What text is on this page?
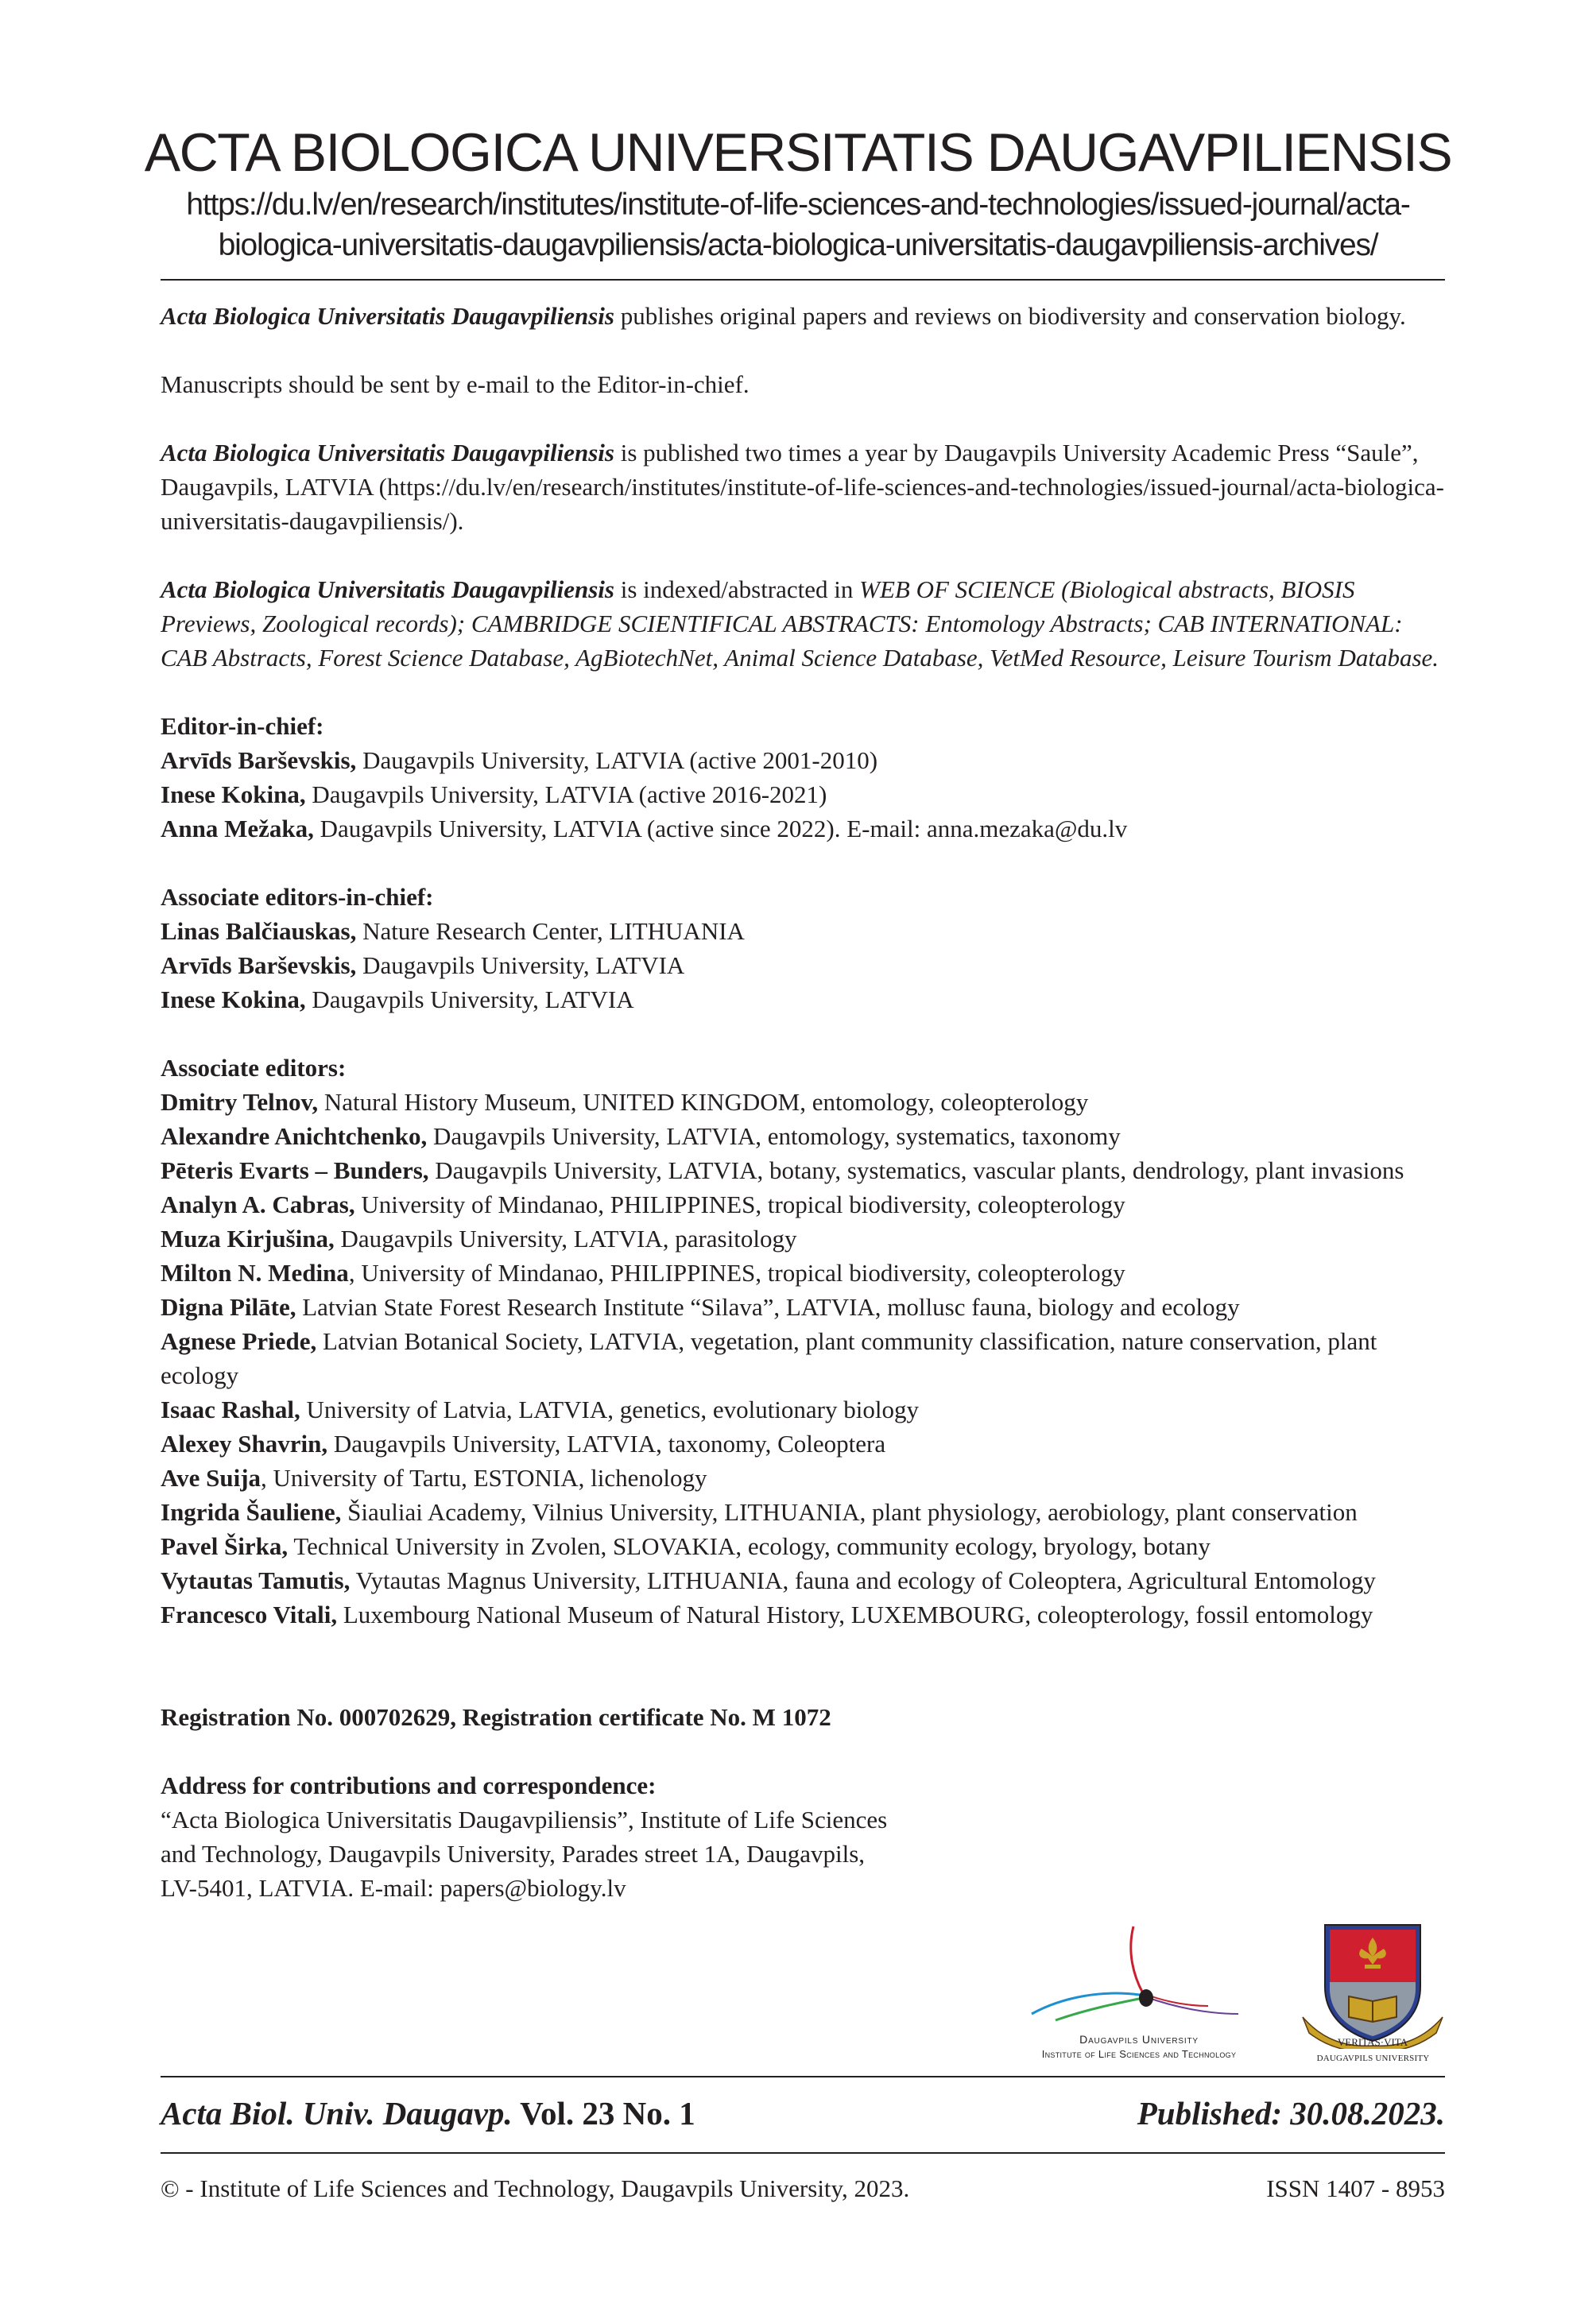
ACTA BIOLOGICA UNIVERSITATIS DAUGAVPILIENSIS
https://du.lv/en/research/institutes/institute-of-life-sciences-and-technologies/issued-journal/acta-
biologica-universitatis-daugavpiliensis/acta-biologica-universitatis-daugavpiliensis-archives/

Acta Biologica Universitatis Daugavpiliensis publishes original papers and reviews on biodiversity and conservation biology.

Manuscripts should be sent by e-mail to the Editor-in-chief.

Acta Biologica Universitatis Daugavpiliensis is published two times a year by Daugavpils University Academic Press “Saule”, Daugavpils, LATVIA (https://du.lv/en/research/institutes/institute-of-life-sciences-and-technologies/issued-journal/acta-biologica-universitatis-daugavpiliensis/).

Acta Biologica Universitatis Daugavpiliensis is indexed/abstracted in WEB OF SCIENCE (Biological abstracts, BIOSIS Previews, Zoological records); CAMBRIDGE SCIENTIFICAL ABSTRACTS: Entomology Abstracts; CAB INTERNATIONAL: CAB Abstracts, Forest Science Database, AgBiotechNet, Animal Science Database, VetMed Resource, Leisure Tourism Database.

Editor-in-chief:

Arvīds Barševskis, Daugavpils University, LATVIA (active 2001-2010)

Inese Kokina, Daugavpils University, LATVIA (active 2016-2021)

Anna Mežaka, Daugavpils University, LATVIA (active since 2022). E-mail: anna.mezaka@du.lv

Associate editors-in-chief:

Linas Balčiauskas, Nature Research Center, LITHUANIA

Arvīds Barševskis, Daugavpils University, LATVIA

Inese Kokina, Daugavpils University, LATVIA

Associate editors:

Dmitry Telnov, Natural History Museum, UNITED KINGDOM, entomology, coleopterology

Alexandre Anichtchenko, Daugavpils University, LATVIA, entomology, systematics, taxonomy

Pēteris Evarts – Bunders, Daugavpils University, LATVIA, botany, systematics, vascular plants, dendrology, plant invasions

Analyn A. Cabras, University of Mindanao, PHILIPPINES, tropical biodiversity, coleopterology

Muza Kirjušina, Daugavpils University, LATVIA, parasitology

Milton N. Medina, University of Mindanao, PHILIPPINES, tropical biodiversity, coleopterology

Digna Pilāte, Latvian State Forest Research Institute “Silava”, LATVIA, mollusc fauna, biology and ecology

Agnese Priede, Latvian Botanical Society, LATVIA, vegetation, plant community classification, nature conservation, plant ecology

Isaac Rashal, University of Latvia, LATVIA, genetics, evolutionary biology

Alexey Shavrin, Daugavpils University, LATVIA, taxonomy, Coleoptera

Ave Suija, University of Tartu, ESTONIA, lichenology

Ingrida Šauliene, Šiauliai Academy, Vilnius University, LITHUANIA, plant physiology, aerobiology, plant conservation

Pavel Širka, Technical University in Zvolen, SLOVAKIA, ecology, community ecology, bryology, botany

Vytautas Tamutis, Vytautas Magnus University, LITHUANIA, fauna and ecology of Coleoptera, Agricultural Entomology

Francesco Vitali, Luxembourg National Museum of Natural History, LUXEMBOURG, coleopterology, fossil entomology

Registration No. 000702629, Registration certificate No. M 1072

Address for contributions and correspondence:

“Acta Biologica Universitatis Daugavpiliensis”, Institute of Life Sciences

and Technology, Daugavpils University, Parades street 1A, Daugavpils,

LV-5401, LATVIA. E-mail: papers@biology.lv

Daugavpils University
Institute of Life Sciences and Technology
VERITAS·VITA
DAUGAVPILS UNIVERSITY
Acta Biol. Univ. Daugavp. Vol. 23 No. 1	Published: 30.08.2023.
© - Institute of Life Sciences and Technology, Daugavpils University, 2023.	ISSN 1407 - 8953
